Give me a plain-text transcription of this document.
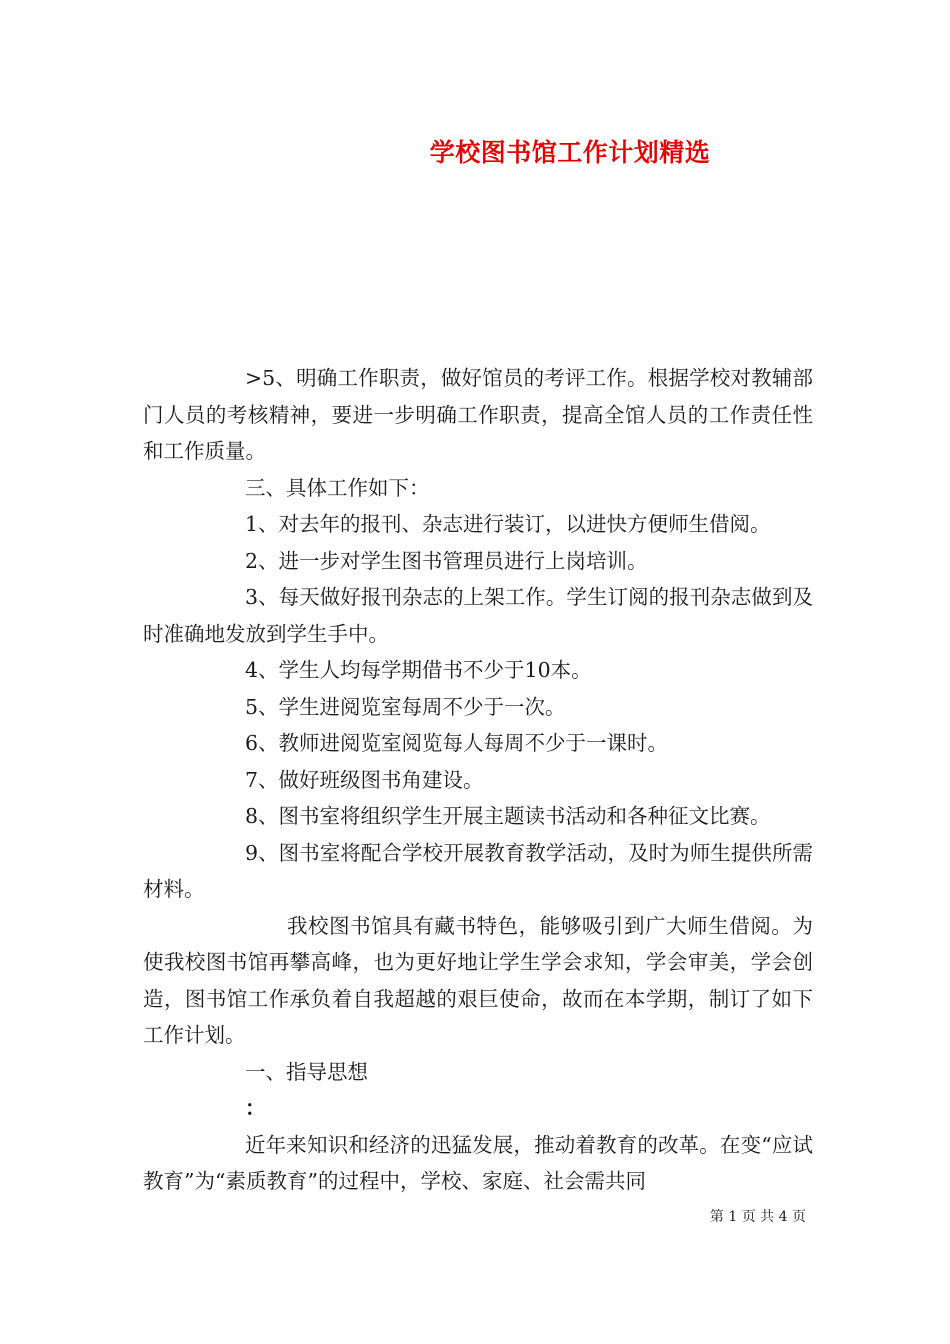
学校图书馆工作计划精选

>5、明确工作职责，做好馆员的考评工作。根据学校对教辅部门人员的考核精神，要进一步明确工作职责，提高全馆人员的工作责任性和工作质量。

三、具体工作如下：

1、对去年的报刊、杂志进行装订，以进快方便师生借阅。

2、进一步对学生图书管理员进行上岗培训。

3、每天做好报刊杂志的上架工作。学生订阅的报刊杂志做到及时准确地发放到学生手中。

4、学生人均每学期借书不少于10本。

5、学生进阅览室每周不少于一次。

6、教师进阅览室阅览每人每周不少于一课时。

7、做好班级图书角建设。

8、图书室将组织学生开展主题读书活动和各种征文比赛。

9、图书室将配合学校开展教育教学活动，及时为师生提供所需材料。

我校图书馆具有藏书特色，能够吸引到广大师生借阅。为使我校图书馆再攀高峰，也为更好地让学生学会求知，学会审美，学会创造，图书馆工作承负着自我超越的艰巨使命，故而在本学期，制订了如下工作计划。

一、指导思想

：

近年来知识和经济的迅猛发展，推动着教育的改革。在变“应试教育”为“素质教育”的过程中，学校、家庭、社会需共同

第 1 页 共 4 页
